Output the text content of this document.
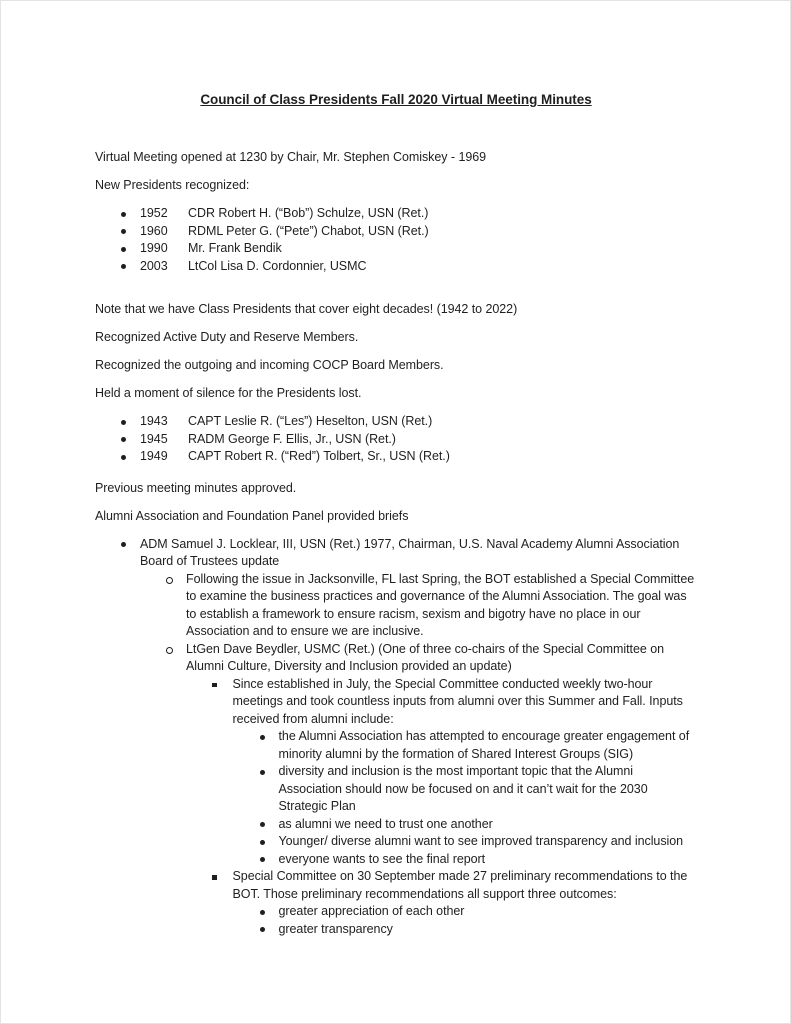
Council of Class Presidents Fall 2020 Virtual Meeting Minutes

Virtual Meeting opened at 1230 by Chair, Mr. Stephen Comiskey - 1969

New Presidents recognized:

1952	CDR Robert H. (“Bob”) Schulze, USN (Ret.)
1960	RDML Peter G. (“Pete”) Chabot, USN (Ret.)
1990	Mr. Frank Bendik
2003	LtCol Lisa D. Cordonnier, USMC

Note that we have Class Presidents that cover eight decades! (1942 to 2022)

Recognized Active Duty and Reserve Members.

Recognized the outgoing and incoming COCP Board Members.

Held a moment of silence for the Presidents lost.

1943	CAPT Leslie R. (“Les”) Heselton, USN (Ret.)
1945	RADM George F. Ellis, Jr., USN (Ret.)
1949	CAPT Robert R. (“Red”) Tolbert, Sr., USN (Ret.)

Previous meeting minutes approved.

Alumni Association and Foundation Panel provided briefs

ADM Samuel J. Locklear, III, USN (Ret.) 1977, Chairman, U.S. Naval Academy Alumni Association Board of Trustees update
Following the issue in Jacksonville, FL last Spring, the BOT established a Special Committee to examine the business practices and governance of the Alumni Association. The goal was to establish a framework to ensure racism, sexism and bigotry have no place in our Association and to ensure we are inclusive.
LtGen Dave Beydler, USMC (Ret.) (One of three co-chairs of the Special Committee on Alumni Culture, Diversity and Inclusion provided an update)
Since established in July, the Special Committee conducted weekly two-hour meetings and took countless inputs from alumni over this Summer and Fall. Inputs received from alumni include:
the Alumni Association has attempted to encourage greater engagement of minority alumni by the formation of Shared Interest Groups (SIG)
diversity and inclusion is the most important topic that the Alumni Association should now be focused on and it can’t wait for the 2030 Strategic Plan
as alumni we need to trust one another
Younger/ diverse alumni want to see improved transparency and inclusion
everyone wants to see the final report
Special Committee on 30 September made 27 preliminary recommendations to the BOT. Those preliminary recommendations all support three outcomes:
greater appreciation of each other
greater transparency
